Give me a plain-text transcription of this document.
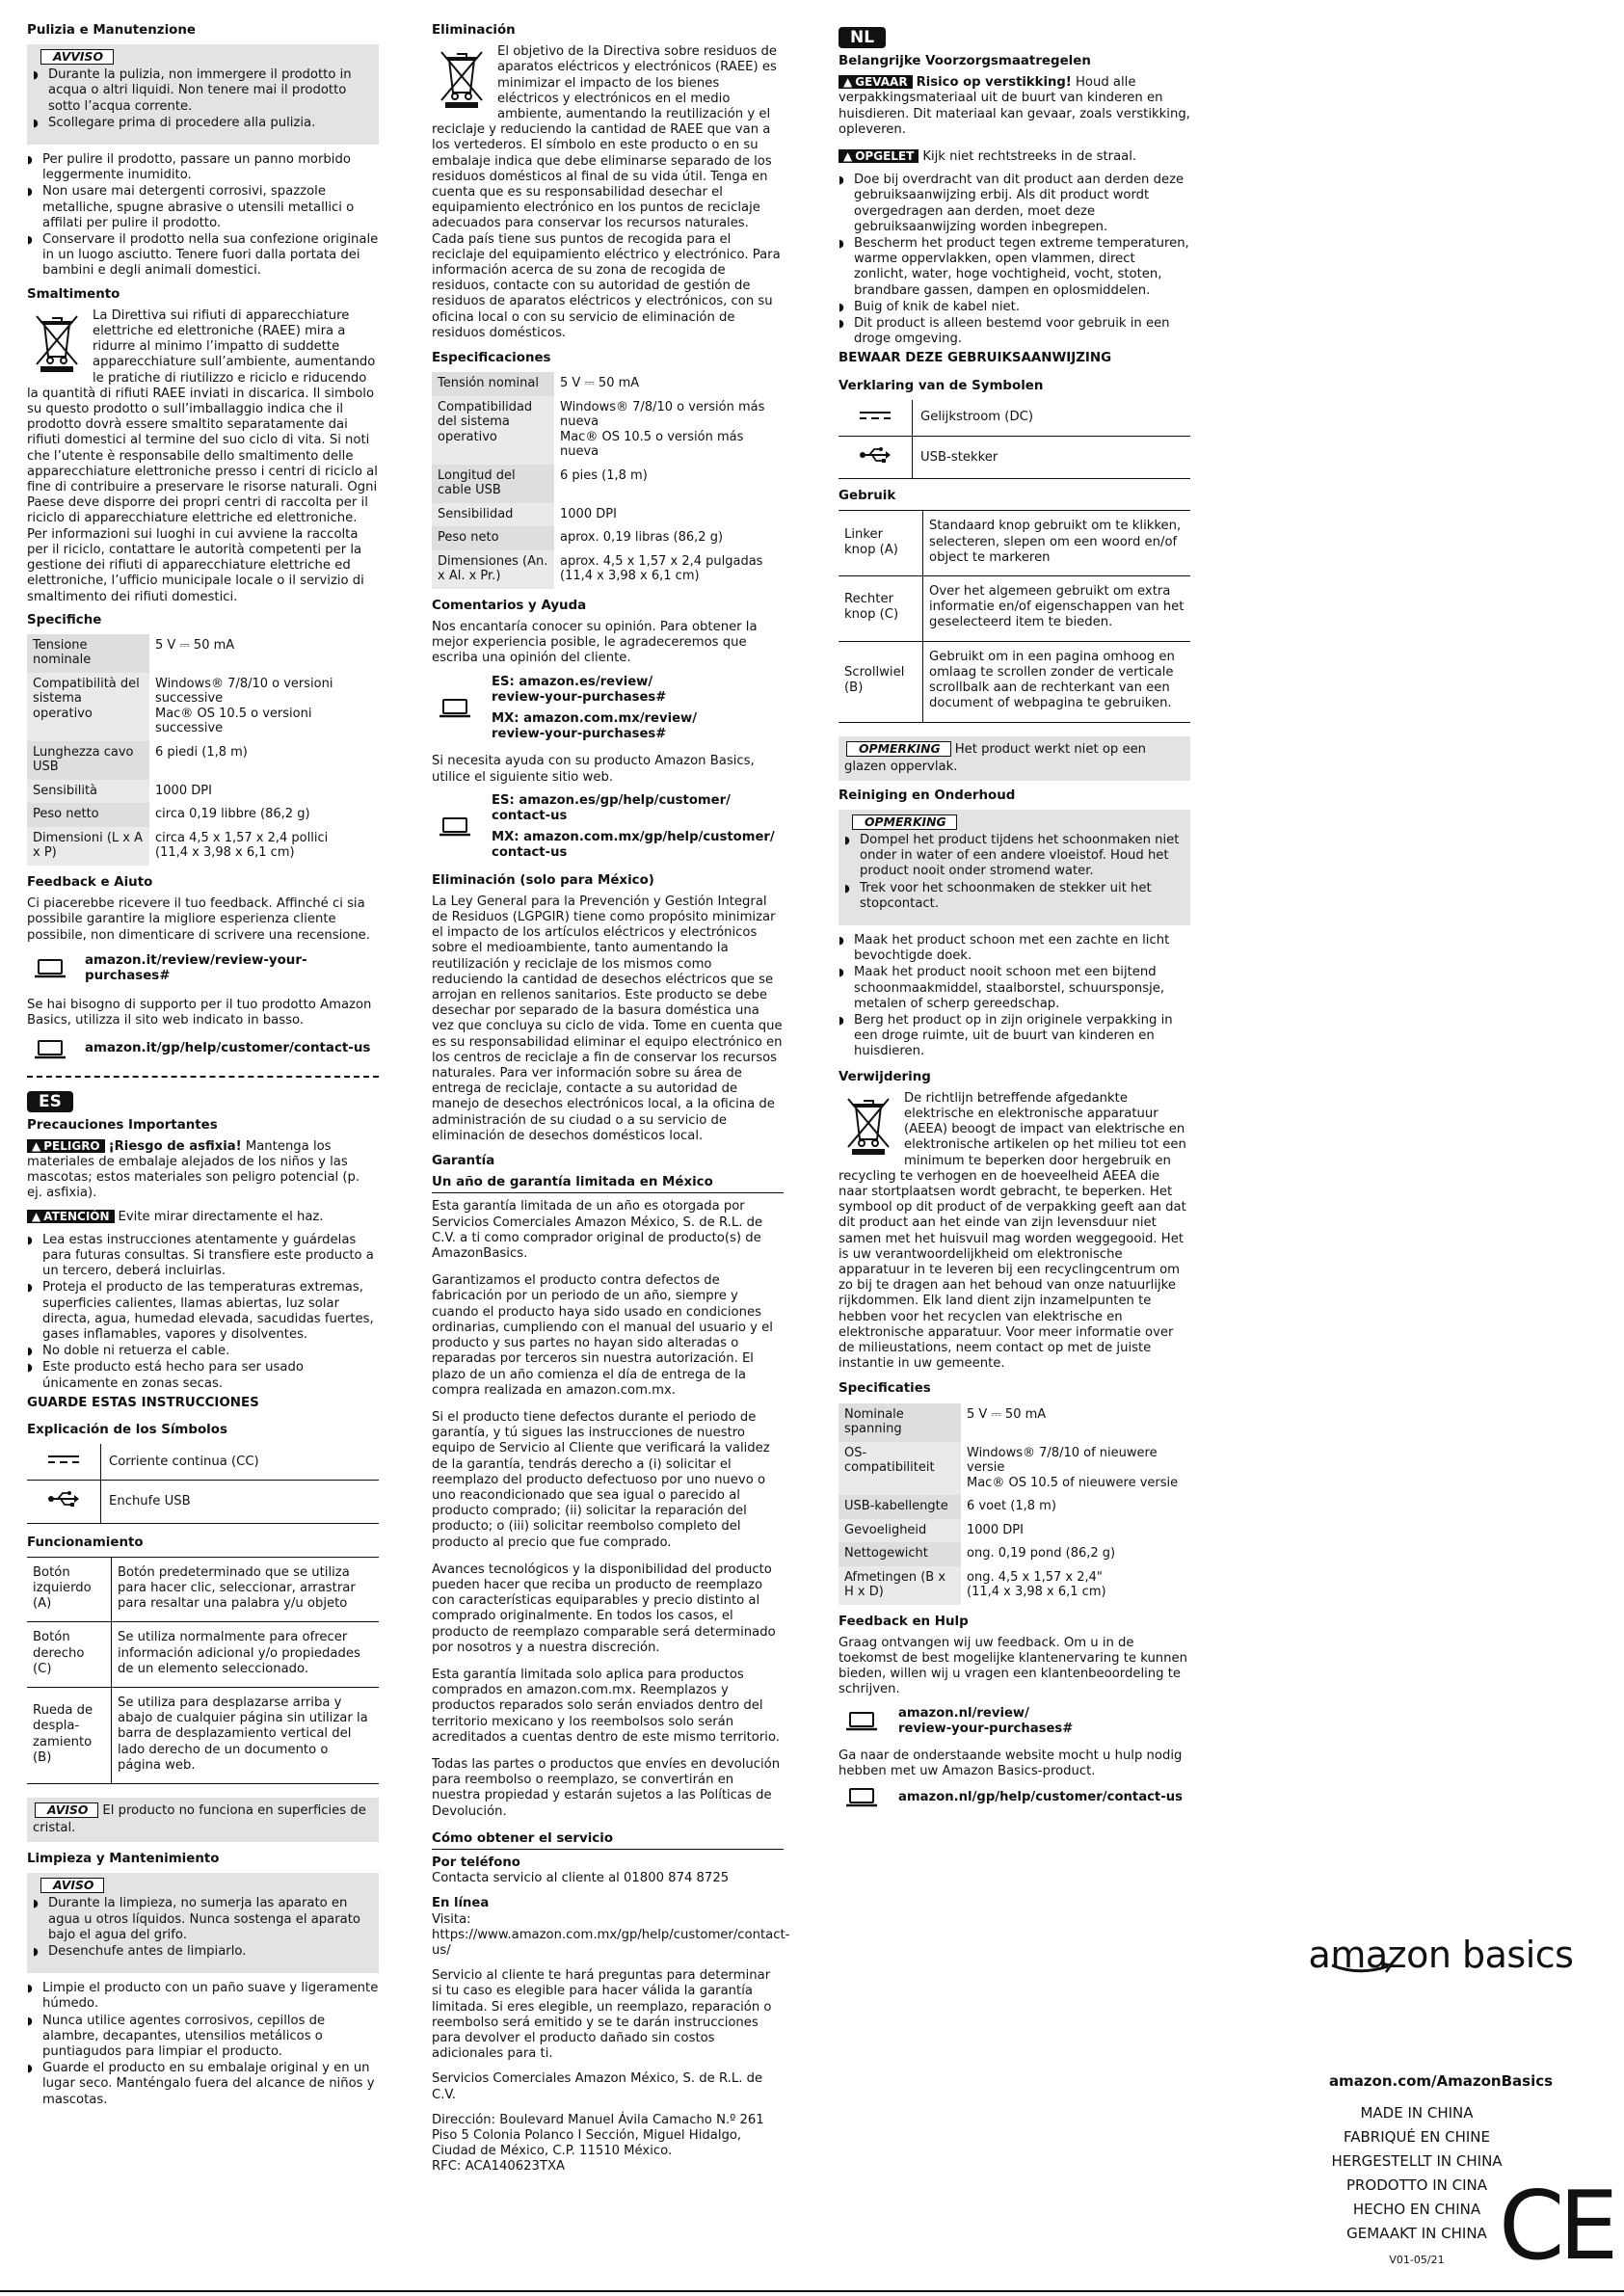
Pulizia e Manutenzione
AVVISO
◗ Durante la pulizia, non immergere il prodotto in acqua o altri liquidi. Non tenere mai il prodotto sotto l’acqua corrente.
◗ Scollegare prima di procedere alla pulizia.
◗ Per pulire il prodotto, passare un panno morbido leggermente inumidito.
◗ Non usare mai detergenti corrosivi, spazzole metalliche, spugne abrasive o utensili metallici o affilati per pulire il prodotto.
◗ Conservare il prodotto nella sua confezione originale in un luogo asciutto. Tenere fuori dalla portata dei bambini e degli animali domestici.
Smaltimento

La Direttiva sui rifiuti di apparecchiature elettriche ed elettroniche (RAEE) mira a ridurre al minimo l’impatto di suddette apparecchiature sull’ambiente, aumentando le pratiche di riutilizzo e riciclo e riducendo la quantità di rifiuti RAEE inviati in discarica. Il simbolo su questo prodotto o sull’imballaggio indica che il prodotto dovrà essere smaltito separatamente dai rifiuti domestici al termine del suo ciclo di vita. Si noti che l’utente è responsabile dello smaltimento delle apparecchiature elettroniche presso i centri di riciclo al fine di contribuire a preservare le risorse naturali. Ogni Paese deve disporre dei propri centri di raccolta per il riciclo di apparecchiature elettriche ed elettroniche. Per informazioni sui luoghi in cui avviene la raccolta per il riciclo, contattare le autorità competenti per la gestione dei rifiuti di apparecchiature elettriche ed elettroniche, l’ufficio municipale locale o il servizio di smaltimento dei rifiuti domestici.

Specifiche
Tensione nominale	5 V ⎓ 50 mA
Compatibilità del sistema operativo	Windows® 7/8/10 o versioni successive
Mac® OS 10.5 o versioni successive
Lunghezza cavo USB	6 piedi (1,8 m)
Sensibilità	1000 DPI
Peso netto	circa 0,19 libbre (86,2 g)
Dimensioni (L x A x P)	circa 4,5 x 1,57 x 2,4 pollici
(11,4 x 3,98 x 6,1 cm)
Feedback e Aiuto

Ci piacerebbe ricevere il tuo feedback. Affinché ci sia possibile garantire la migliore esperienza cliente possibile, non dimenticare di scrivere una recensione.

amazon.it/review/review-your-purchases#

Se hai bisogno di supporto per il tuo prodotto Amazon Basics, utilizza il sito web indicato in basso.

amazon.it/gp/help/customer/contact-us
ES
Precauciones Importantes

▲ PELIGRO ¡Riesgo de asfixia! Mantenga los materiales de embalaje alejados de los niños y las mascotas; estos materiales son peligro potencial (p. ej. asfixia).

▲ ATENCIÓN Evite mirar directamente el haz.

◗ Lea estas instrucciones atentamente y guárdelas para futuras consultas. Si transfiere este producto a un tercero, deberá incluirlas.
◗ Proteja el producto de las temperaturas extremas, superficies calientes, llamas abiertas, luz solar directa, agua, humedad elevada, sacudidas fuertes, gases inflamables, vapores y disolventes.
◗ No doble ni retuerza el cable.
◗ Este producto está hecho para ser usado únicamente en zonas secas.
GUARDE ESTAS INSTRUCCIONES
Explicación de los Símbolos
	Corriente continua (CC)
	Enchufe USB
Funcionamiento
Botón izquierdo (A)	Botón predeterminado que se utiliza para hacer clic, seleccionar, arrastrar para resaltar una palabra y/u objeto
Botón derecho (C)	Se utiliza normalmente para ofrecer información adicional y/o propiedades de un elemento seleccionado.
Rueda de despla-zamiento (B)	Se utiliza para desplazarse arriba y abajo de cualquier página sin utilizar la barra de desplazamiento vertical del lado derecho de un documento o página web.
AVISO El producto no funciona en superficies de cristal.
Limpieza y Mantenimiento
AVISO
◗ Durante la limpieza, no sumerja las aparato en agua u otros líquidos. Nunca sostenga el aparato bajo el agua del grifo.
◗ Desenchufe antes de limpiarlo.
◗ Limpie el producto con un paño suave y ligeramente húmedo.
◗ Nunca utilice agentes corrosivos, cepillos de alambre, decapantes, utensilios metálicos o puntiagudos para limpiar el producto.
◗ Guarde el producto en su embalaje original y en un lugar seco. Manténgalo fuera del alcance de niños y mascotas.
Eliminación

El objetivo de la Directiva sobre residuos de aparatos eléctricos y electrónicos (RAEE) es minimizar el impacto de los bienes eléctricos y electrónicos en el medio ambiente, aumentando la reutilización y el reciclaje y reduciendo la cantidad de RAEE que van a los vertederos. El símbolo en este producto o en su embalaje indica que debe eliminarse separado de los residuos domésticos al final de su vida útil. Tenga en cuenta que es su responsabilidad desechar el equipamiento electrónico en los puntos de reciclaje adecuados para conservar los recursos naturales. Cada país tiene sus puntos de recogida para el reciclaje del equipamiento eléctrico y electrónico. Para información acerca de su zona de recogida de residuos, contacte con su autoridad de gestión de residuos de aparatos eléctricos y electrónicos, con su oficina local o con su servicio de eliminación de residuos domésticos.

Especificaciones
Tensión nominal	5 V ⎓ 50 mA
Compatibilidad del sistema operativo	Windows® 7/8/10 o versión más nueva
Mac® OS 10.5 o versión más nueva
Longitud del cable USB	6 pies (1,8 m)
Sensibilidad	1000 DPI
Peso neto	aprox. 0,19 libras (86,2 g)
Dimensiones (An. x Al. x Pr.)	aprox. 4,5 x 1,57 x 2,4 pulgadas
(11,4 x 3,98 x 6,1 cm)
Comentarios y Ayuda

Nos encantaría conocer su opinión. Para obtener la mejor experiencia posible, le agradeceremos que escriba una opinión del cliente.

ES: amazon.es/review/
review-your-purchases#
MX: amazon.com.mx/review/
review-your-purchases#

Si necesita ayuda con su producto Amazon Basics, utilice el siguiente sitio web.

ES: amazon.es/gp/help/customer/
contact-us
MX: amazon.com.mx/gp/help/customer/
contact-us
Eliminación (solo para México)

La Ley General para la Prevención y Gestión Integral de Residuos (LGPGIR) tiene como propósito minimizar el impacto de los artículos eléctricos y electrónicos sobre el medioambiente, tanto aumentando la reutilización y reciclaje de los mismos como reduciendo la cantidad de desechos eléctricos que se arrojan en rellenos sanitarios. Este producto se debe desechar por separado de la basura doméstica una vez que concluya su ciclo de vida. Tome en cuenta que es su responsabilidad eliminar el equipo electrónico en los centros de reciclaje a fin de conservar los recursos naturales. Para ver información sobre su área de entrega de reciclaje, contacte a su autoridad de manejo de desechos electrónicos local, a la oficina de administración de su ciudad o a su servicio de eliminación de desechos domésticos local.

Garantía
Un año de garantía limitada en México

Esta garantía limitada de un año es otorgada por Servicios Comerciales Amazon México, S. de R.L. de C.V. a ti como comprador original de producto(s) de AmazonBasics.

Garantizamos el producto contra defectos de fabricación por un periodo de un año, siempre y cuando el producto haya sido usado en condiciones ordinarias, cumpliendo con el manual del usuario y el producto y sus partes no hayan sido alteradas o reparadas por terceros sin nuestra autorización. El plazo de un año comienza el día de entrega de la compra realizada en amazon.com.mx.

Si el producto tiene defectos durante el periodo de garantía, y tú sigues las instrucciones de nuestro equipo de Servicio al Cliente que verificará la validez de la garantía, tendrás derecho a (i) solicitar el reemplazo del producto defectuoso por uno nuevo o uno reacondicionado que sea igual o parecido al producto comprado; (ii) solicitar la reparación del producto; o (iii) solicitar reembolso completo del producto al precio que fue comprado.

Avances tecnológicos y la disponibilidad del producto pueden hacer que reciba un producto de reemplazo con características equiparables y precio distinto al comprado originalmente. En todos los casos, el producto de reemplazo comparable será determinado por nosotros y a nuestra discreción.

Esta garantía limitada solo aplica para productos comprados en amazon.com.mx. Reemplazos y productos reparados solo serán enviados dentro del territorio mexicano y los reembolsos solo serán acreditados a cuentas dentro de este mismo territorio.

Todas las partes o productos que envíes en devolución para reembolso o reemplazo, se convertirán en nuestra propiedad y estarán sujetos a las Políticas de Devolución.

Cómo obtener el servicio

Por teléfono
Contacta servicio al cliente al 01800 874 8725

En línea
Visita: https://www.amazon.com.mx/gp/help/customer/contact-us/

Servicio al cliente te hará preguntas para determinar si tu caso es elegible para hacer válida la garantía limitada. Si eres elegible, un reemplazo, reparación o reembolso será emitido y se te darán instrucciones para devolver el producto dañado sin costos adicionales para ti.

Servicios Comerciales Amazon México, S. de R.L. de C.V.

Dirección: Boulevard Manuel Ávila Camacho N.º 261 Piso 5 Colonia Polanco I Sección, Miguel Hidalgo, Ciudad de México, C.P. 11510 México.
RFC: ACA140623TXA

NL
Belangrijke Voorzorgsmaatregelen

▲ GEVAAR Risico op verstikking! Houd alle verpakkingsmateriaal uit de buurt van kinderen en huisdieren. Dit materiaal kan gevaar, zoals verstikking, opleveren.

▲ OPGELET Kijk niet rechtstreeks in de straal.

◗ Doe bij overdracht van dit product aan derden deze gebruiksaanwijzing erbij. Als dit product wordt overgedragen aan derden, moet deze gebruiksaanwijzing worden inbegrepen.
◗ Bescherm het product tegen extreme temperaturen, warme oppervlakken, open vlammen, direct zonlicht, water, hoge vochtigheid, vocht, stoten, brandbare gassen, dampen en oplosmiddelen.
◗ Buig of knik de kabel niet.
◗ Dit product is alleen bestemd voor gebruik in een droge omgeving.
BEWAAR DEZE GEBRUIKSAANWIJZING
Verklaring van de Symbolen
	Gelijkstroom (DC)
	USB-stekker
Gebruik
Linker knop (A)	Standaard knop gebruikt om te klikken, selecteren, slepen om een woord en/of object te markeren
Rechter knop (C)	Over het algemeen gebruikt om extra informatie en/of eigenschappen van het geselecteerd item te bieden.
Scrollwiel (B)	Gebruikt om in een pagina omhoog en omlaag te scrollen zonder de verticale scrollbalk aan de rechterkant van een document of webpagina te gebruiken.
OPMERKING Het product werkt niet op een glazen oppervlak.
Reiniging en Onderhoud
OPMERKING
◗ Dompel het product tijdens het schoonmaken niet onder in water of een andere vloeistof. Houd het product nooit onder stromend water.
◗ Trek voor het schoonmaken de stekker uit het stopcontact.
◗ Maak het product schoon met een zachte en licht bevochtigde doek.
◗ Maak het product nooit schoon met een bijtend schoonmaakmiddel, staalborstel, schuursponsje, metalen of scherp gereedschap.
◗ Berg het product op in zijn originele verpakking in een droge ruimte, uit de buurt van kinderen en huisdieren.
Verwijdering

De richtlijn betreffende afgedankte elektrische en elektronische apparatuur (AEEA) beoogt de impact van elektrische en elektronische artikelen op het milieu tot een minimum te beperken door hergebruik en recycling te verhogen en de hoeveelheid AEEA die naar stortplaatsen wordt gebracht, te beperken. Het symbool op dit product of de verpakking geeft aan dat dit product aan het einde van zijn levensduur niet samen met het huisvuil mag worden weggegooid. Het is uw verantwoordelijkheid om elektronische apparatuur in te leveren bij een recyclingcentrum om zo bij te dragen aan het behoud van onze natuurlijke rijkdommen. Elk land dient zijn inzamelpunten te hebben voor het recyclen van elektrische en elektronische apparatuur. Voor meer informatie over de milieustations, neem contact op met de juiste instantie in uw gemeente.

Specificaties
Nominale spanning	5 V ⎓ 50 mA
OS-compatibiliteit	Windows® 7/8/10 of nieuwere versie
Mac® OS 10.5 of nieuwere versie
USB-kabellengte	6 voet (1,8 m)
Gevoeligheid	1000 DPI
Nettogewicht	ong. 0,19 pond (86,2 g)
Afmetingen (B x H x D)	ong. 4,5 x 1,57 x 2,4"
(11,4 x 3,98 x 6,1 cm)
Feedback en Hulp

Graag ontvangen wij uw feedback. Om u in de toekomst de best mogelijke klantenervaring te kunnen bieden, willen wij u vragen een klantenbeoordeling te schrijven.

amazon.nl/review/
review-your-purchases#

Ga naar de onderstaande website mocht u hulp nodig hebben met uw Amazon Basics-product.

amazon.nl/gp/help/customer/contact-us
amazon basics
amazon.com/AmazonBasics
MADE IN CHINA
FABRIQUÉ EN CHINE
HERGESTELLT IN CHINA
PRODOTTO IN CINA
HECHO EN CHINA
GEMAAKT IN CHINA CE
V01-05/21
